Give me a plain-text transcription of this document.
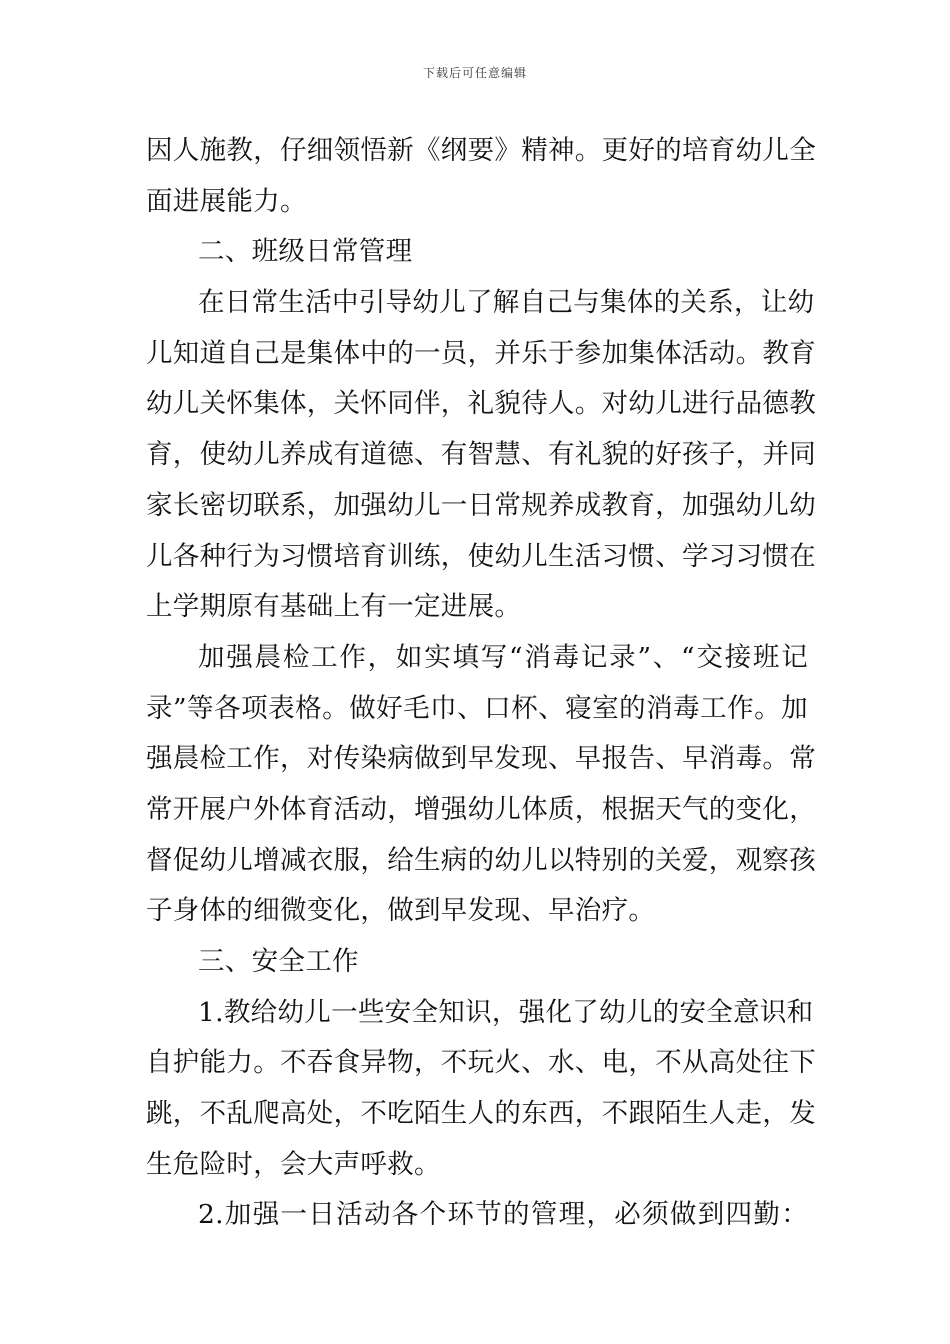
下载后可任意编辑
因人施教，仔细领悟新《纲要》精神。更好的培育幼儿全
面进展能力。
二、班级日常管理
在日常生活中引导幼儿了解自己与集体的关系，让幼
儿知道自己是集体中的一员，并乐于参加集体活动。教育
幼儿关怀集体，关怀同伴，礼貌待人。对幼儿进行品德教
育，使幼儿养成有道德、有智慧、有礼貌的好孩子，并同
家长密切联系，加强幼儿一日常规养成教育，加强幼儿幼
儿各种行为习惯培育训练，使幼儿生活习惯、学习习惯在
上学期原有基础上有一定进展。
加强晨检工作，如实填写“消毒记录”、“交接班记
录”等各项表格。做好毛巾、口杯、寝室的消毒工作。加
强晨检工作，对传染病做到早发现、早报告、早消毒。常
常开展户外体育活动，增强幼儿体质，根据天气的变化，
督促幼儿增减衣服，给生病的幼儿以特别的关爱，观察孩
子身体的细微变化，做到早发现、早治疗。
三、安全工作
1.教给幼儿一些安全知识，强化了幼儿的安全意识和
自护能力。不吞食异物，不玩火、水、电，不从高处往下
跳，不乱爬高处，不吃陌生人的东西，不跟陌生人走，发
生危险时，会大声呼救。
2.加强一日活动各个环节的管理，必须做到四勤：
